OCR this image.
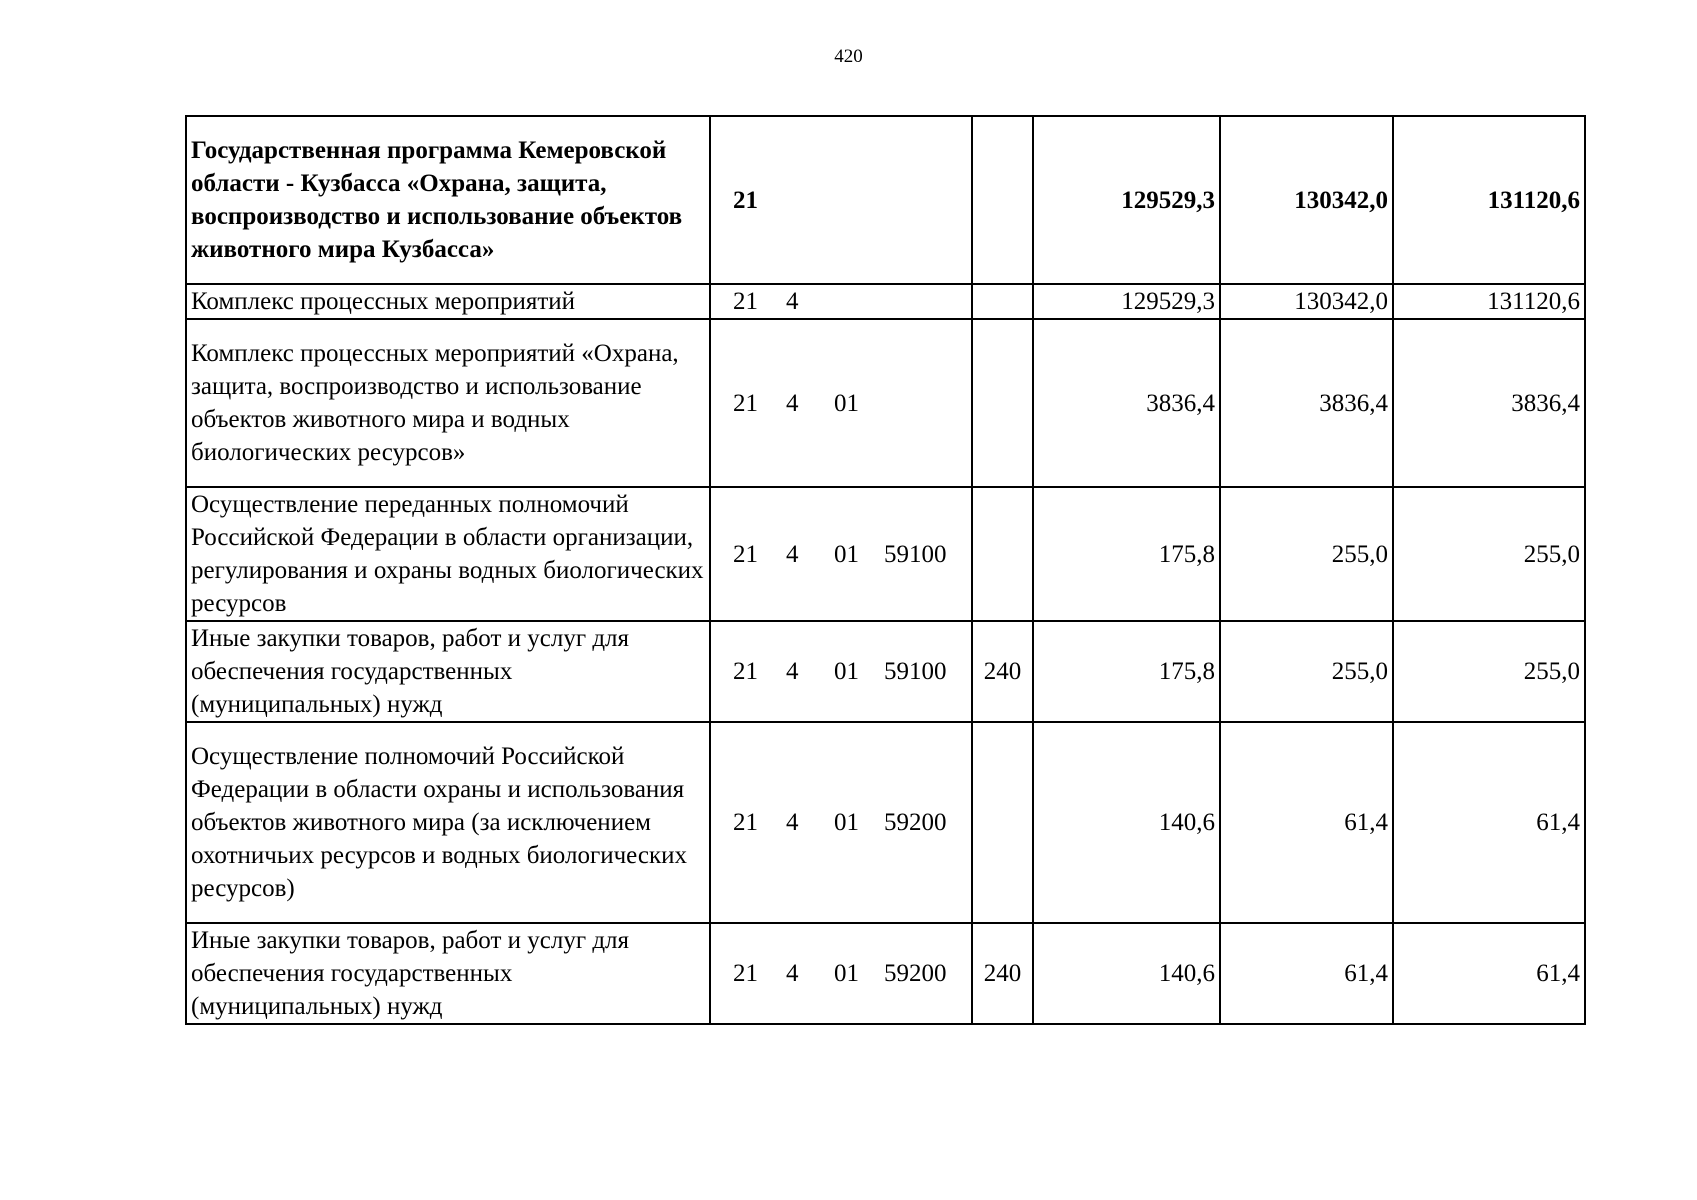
420
Государственная программа Кемеровской области - Кузбасса «Охрана, защита, воспроизводство и использование объектов животного мира Кузбасса»	21		129529,3	130342,0	131120,6
Комплекс процессных мероприятий	21 4		129529,3	130342,0	131120,6
Комплекс процессных мероприятий «Охрана, защита, воспроизводство и использование объектов животного мира и водных биологических ресурсов»	21 4 01		3836,4	3836,4	3836,4
Осуществление переданных полномочий Российской Федерации в области организации, регулирования и охраны водных биологических ресурсов	21 4 01 59100		175,8	255,0	255,0
Иные закупки товаров, работ и услуг для обеспечения государственных (муниципальных) нужд	21 4 01 59100	240	175,8	255,0	255,0
Осуществление полномочий Российской Федерации в области охраны и использования объектов животного мира (за исключением охотничьих ресурсов и водных биологических ресурсов)	21 4 01 59200		140,6	61,4	61,4
Иные закупки товаров, работ и услуг для обеспечения государственных (муниципальных) нужд	21 4 01 59200	240	140,6	61,4	61,4
